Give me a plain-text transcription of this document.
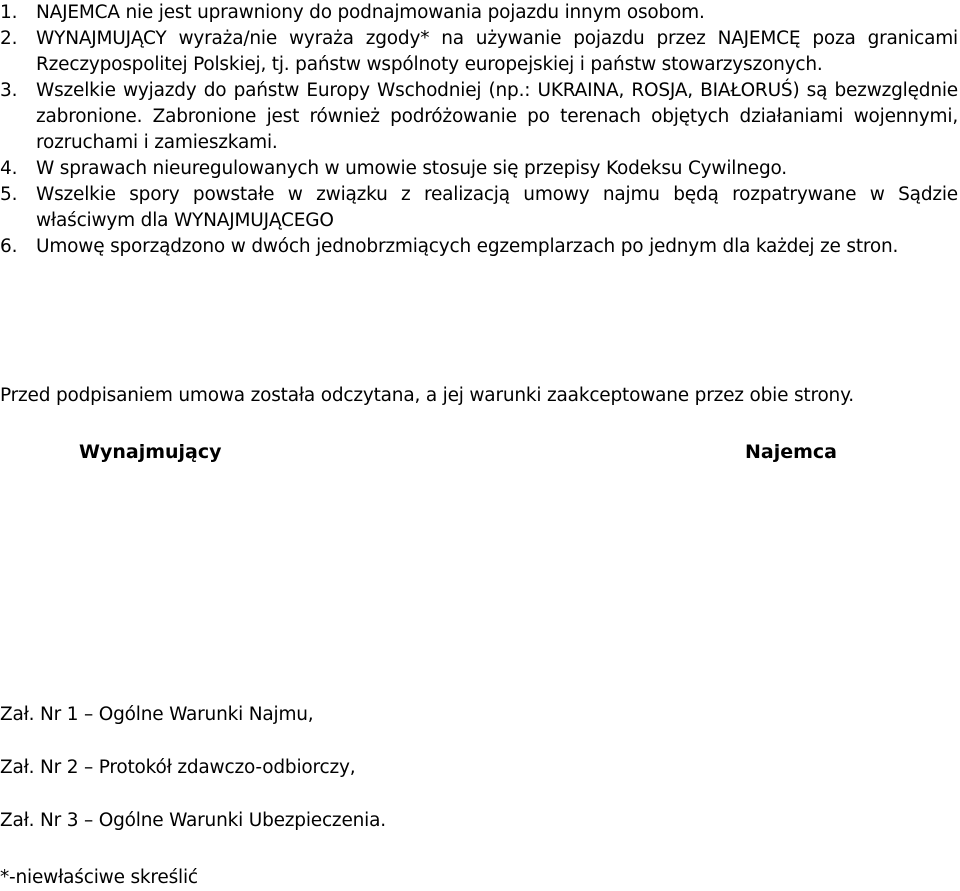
1.	NAJEMCA nie jest uprawniony do podnajmowania pojazdu innym osobom.
2.	WYNAJMUJĄCY wyraża/nie wyraża zgody* na używanie pojazdu przez NAJEMCĘ poza granicami Rzeczypospolitej Polskiej, tj. państw wspólnoty europejskiej i państw stowarzyszonych.
3.	Wszelkie wyjazdy do państw Europy Wschodniej (np.: UKRAINA, ROSJA, BIAŁORUŚ) są bezwzględnie zabronione. Zabronione jest również podróżowanie po terenach objętych działaniami wojennymi, rozruchami i zamieszkami.
4.	W sprawach nieuregulowanych w umowie stosuje się przepisy Kodeksu Cywilnego.
5.	Wszelkie spory powstałe w związku z realizacją umowy najmu będą rozpatrywane w Sądzie właściwym dla WYNAJMUJĄCEGO
6.	Umowę sporządzono w dwóch jednobrzmiących egzemplarzach po jednym dla każdej ze stron.

Przed podpisaniem umowa została odczytana, a jej warunki zaakceptowane przez obie strony.

Wynajmujący	Najemca

Zał. Nr 1 – Ogólne Warunki Najmu,
Zał. Nr 2 – Protokół zdawczo-odbiorczy,
Zał. Nr 3 – Ogólne Warunki Ubezpieczenia.

*-niewłaściwe skreślić
